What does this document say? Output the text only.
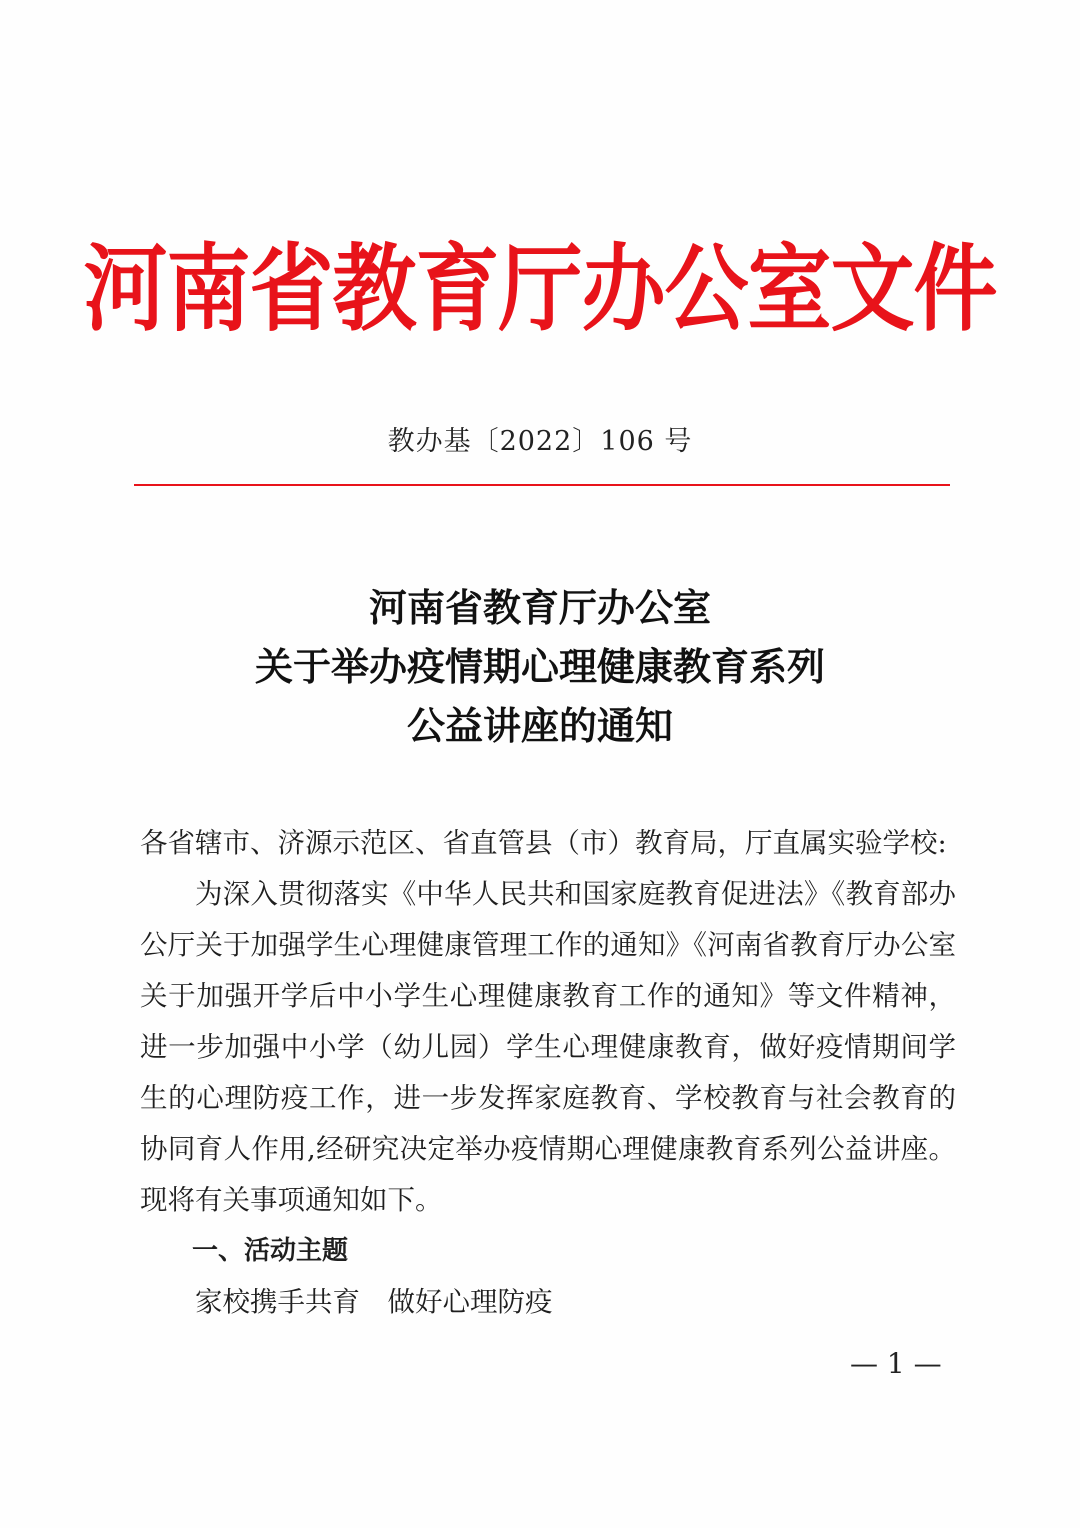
河南省教育厅办公室文件
教办基〔2022〕106 号
河南省教育厅办公室
关于举办疫情期心理健康教育系列
公益讲座的通知
各省辖市、济源示范区、省直管县（市）教育局，厅直属实验学校:
为深入贯彻落实《中华人民共和国家庭教育促进法》《教育部办公厅关于加强学生心理健康管理工作的通知》《河南省教育厅办公室关于加强开学后中小学生心理健康教育工作的通知》等文件精神，进一步加强中小学（幼儿园）学生心理健康教育，做好疫情期间学生的心理防疫工作，进一步发挥家庭教育、学校教育与社会教育的协同育人作用,经研究决定举办疫情期心理健康教育系列公益讲座。现将有关事项通知如下。
一、活动主题
家校携手共育　做好心理防疫
— 1 —
